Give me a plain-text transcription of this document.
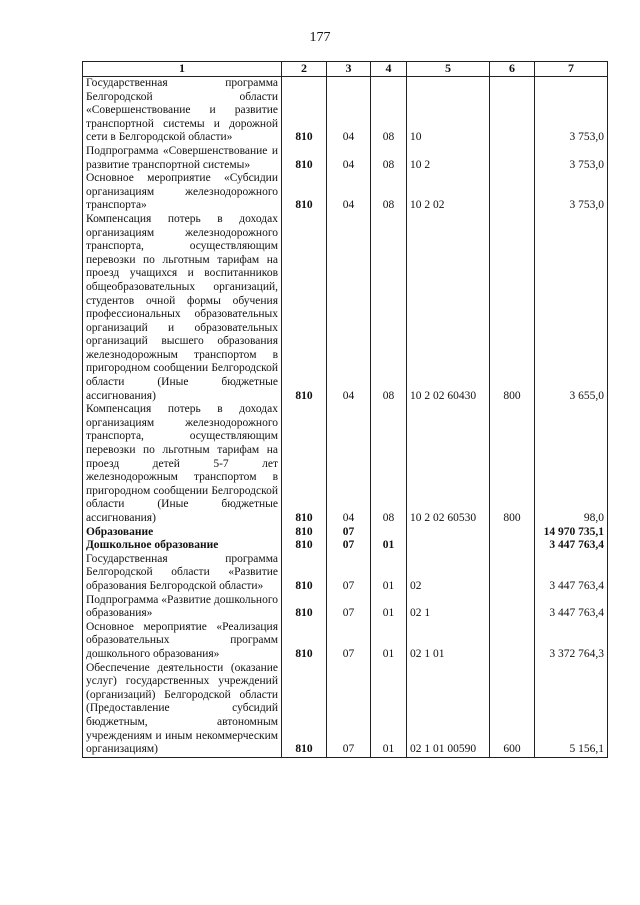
177
1	2	3	4	5	6	7
Государственная программа Белгородской области «Совершенствование и развитие транспортной системы и дорожной сети в Белгородской области»	810	04	08	10		3 753,0
Подпрограмма «Совершенствование и развитие транспортной системы»	810	04	08	10 2		3 753,0
Основное мероприятие «Субсидии организациям железнодорожного транспорта»	810	04	08	10 2 02		3 753,0
Компенсация потерь в доходах организациям железнодорожного транспорта, осуществляющим перевозки по льготным тарифам на проезд учащихся и воспитанников общеобразовательных организаций, студентов очной формы обучения профессиональных образовательных организаций и образовательных организаций высшего образования железнодорожным транспортом в пригородном сообщении Белгородской области (Иные бюджетные ассигнования)	810	04	08	10 2 02 60430	800	3 655,0
Компенсация потерь в доходах организациям железнодорожного транспорта, осуществляющим перевозки по льготным тарифам на проезд детей 5-7 лет железнодорожным транспортом в пригородном сообщении Белгородской области (Иные бюджетные ассигнования)	810	04	08	10 2 02 60530	800	98,0
Образование	810	07				14 970 735,1
Дошкольное образование	810	07	01			3 447 763,4
Государственная программа Белгородской области «Развитие образования Белгородской области»	810	07	01	02		3 447 763,4
Подпрограмма «Развитие дошкольного образования»	810	07	01	02 1		3 447 763,4
Основное мероприятие «Реализация образовательных программ дошкольного образования»	810	07	01	02 1 01		3 372 764,3
Обеспечение деятельности (оказание услуг) государственных учреждений (организаций) Белгородской области (Предоставление субсидий бюджетным, автономным учреждениям и иным некоммерческим организациям)	810	07	01	02 1 01 00590	600	5 156,1
